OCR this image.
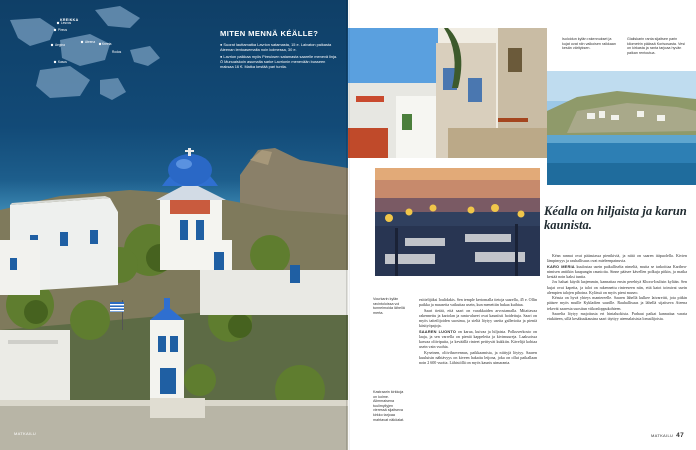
KREIKKA
Lesvos
Pireus
Aegina
Ateena Kreeta
Kasos
Rodos
MITEN MENNÄ KÉÄLLE?

● Suorat lauttamatka Lavrion satamasta, 15 e. Laivaton paikasta Ateenan lentoasemalta noin kolmessa, 30 e.

● Lavrion paikkaa myös Pireuksen satamasta saarelle menevä linja. Ö Munuaiskoin asumalta sarke Lavrionin menevään busseen maksaa 16 €. Matka kestää pari tuntia.

MATKAILU
Isoloidun kylän rakennukset ja kujat ovat niin valkoisen raikkaan kesän värityksen.
Gialiskarin ranta sijaitsee parin kilometrin päässä Korisosasta. Vesi on kirkasta ja ranta tarjoaa hyvän paikan rentoutua.
Kéalla on hiljaista ja karun kaunista.
Vourkarin kylän ravintoloissa voi tunnelmoida lähellä merta.
Kastraarin kirkkoja on kolme. Alimmaisena tuulimyllyjen vieressä sijaitseva kirkko tarjoaa mahtavat näköalat.

esittelijäksi Ioulidakis. Sen temple kertomalla tietoja saarella, 45 e. Ollin paikka ja mausetta vaikuttaa usein, kun menettiin hukaa kuihtaa.

Saari tietää, että saari on varakkaiden arvostamalla. Mitattavaa rakennettu ja kartolan ja ranta-alueet ovat kauniisti hoidettuja. Saari on myös taiteilijoiden suosima, ja sieltä löytyy useita gallerioita ja pieniä käsityöpajoja.

SAAREN LUONTO on karua, kuivaa ja hiljaista. Polkuverkosto on laaja, ja sen varrella on pieniä kappeleita ja kivimuureja. Laaksoissa kasvaa oliivipuita, ja keväällä rinteet peittyvät kukkiin. Kävelijä kohtaa usein vain vuohia.

Kyseinen, oliiviharvennus, paikkaamista, ja niittyjä löytyy. Saaren kuuluisin nähtävyys on kiveen hakattu leijona, joka on ollut paikallaan noin 2 600 vuotta. Lähistöllä on myös kaunis uimaranta.

Kéan rannat ovat pääasiassa pienikiviä, ja niitä on saaren itäpuolella. Kivien lämpimyys ja rauhallisuus ovat mieleenpainuvia.

KARO MERIA kuulostaa usein paikalliselta nimeltä, mutta se tarkoittaa Karthea-nimisen antiikin kaupungin raunioita. Sinne pääsee kävellen polkuja pitkin, ja matka kestää noin kaksi tuntia.

Jos haluat käydä laajemmin, kannattaa ensin perehtyä Khora-Ioulisin kylään. Sen kujat ovat kapeita, ja talot on rakennettu rinteeseen niin, että katot toimivat usein alempien talojen pihoina. Kylässä on myös pieni museo.

Kéasta on hyvä yhteys mantereelle. Saaren lähellä kulkee laivareitti, jota pitkin pääsee myös muille Kykladien saarille. Rauhallisuus ja lähellä sijaitseva Ateena tekevät saaresta suositun viikonloppukohteen.

Saarelta löytyy majoitusta eri hintaluokista. Parhaat paikat kannattaa varata etukäteen, sillä kesäkuukausina saari täyttyy ateenalaisista lomailijoista.

MATKAILU 47
